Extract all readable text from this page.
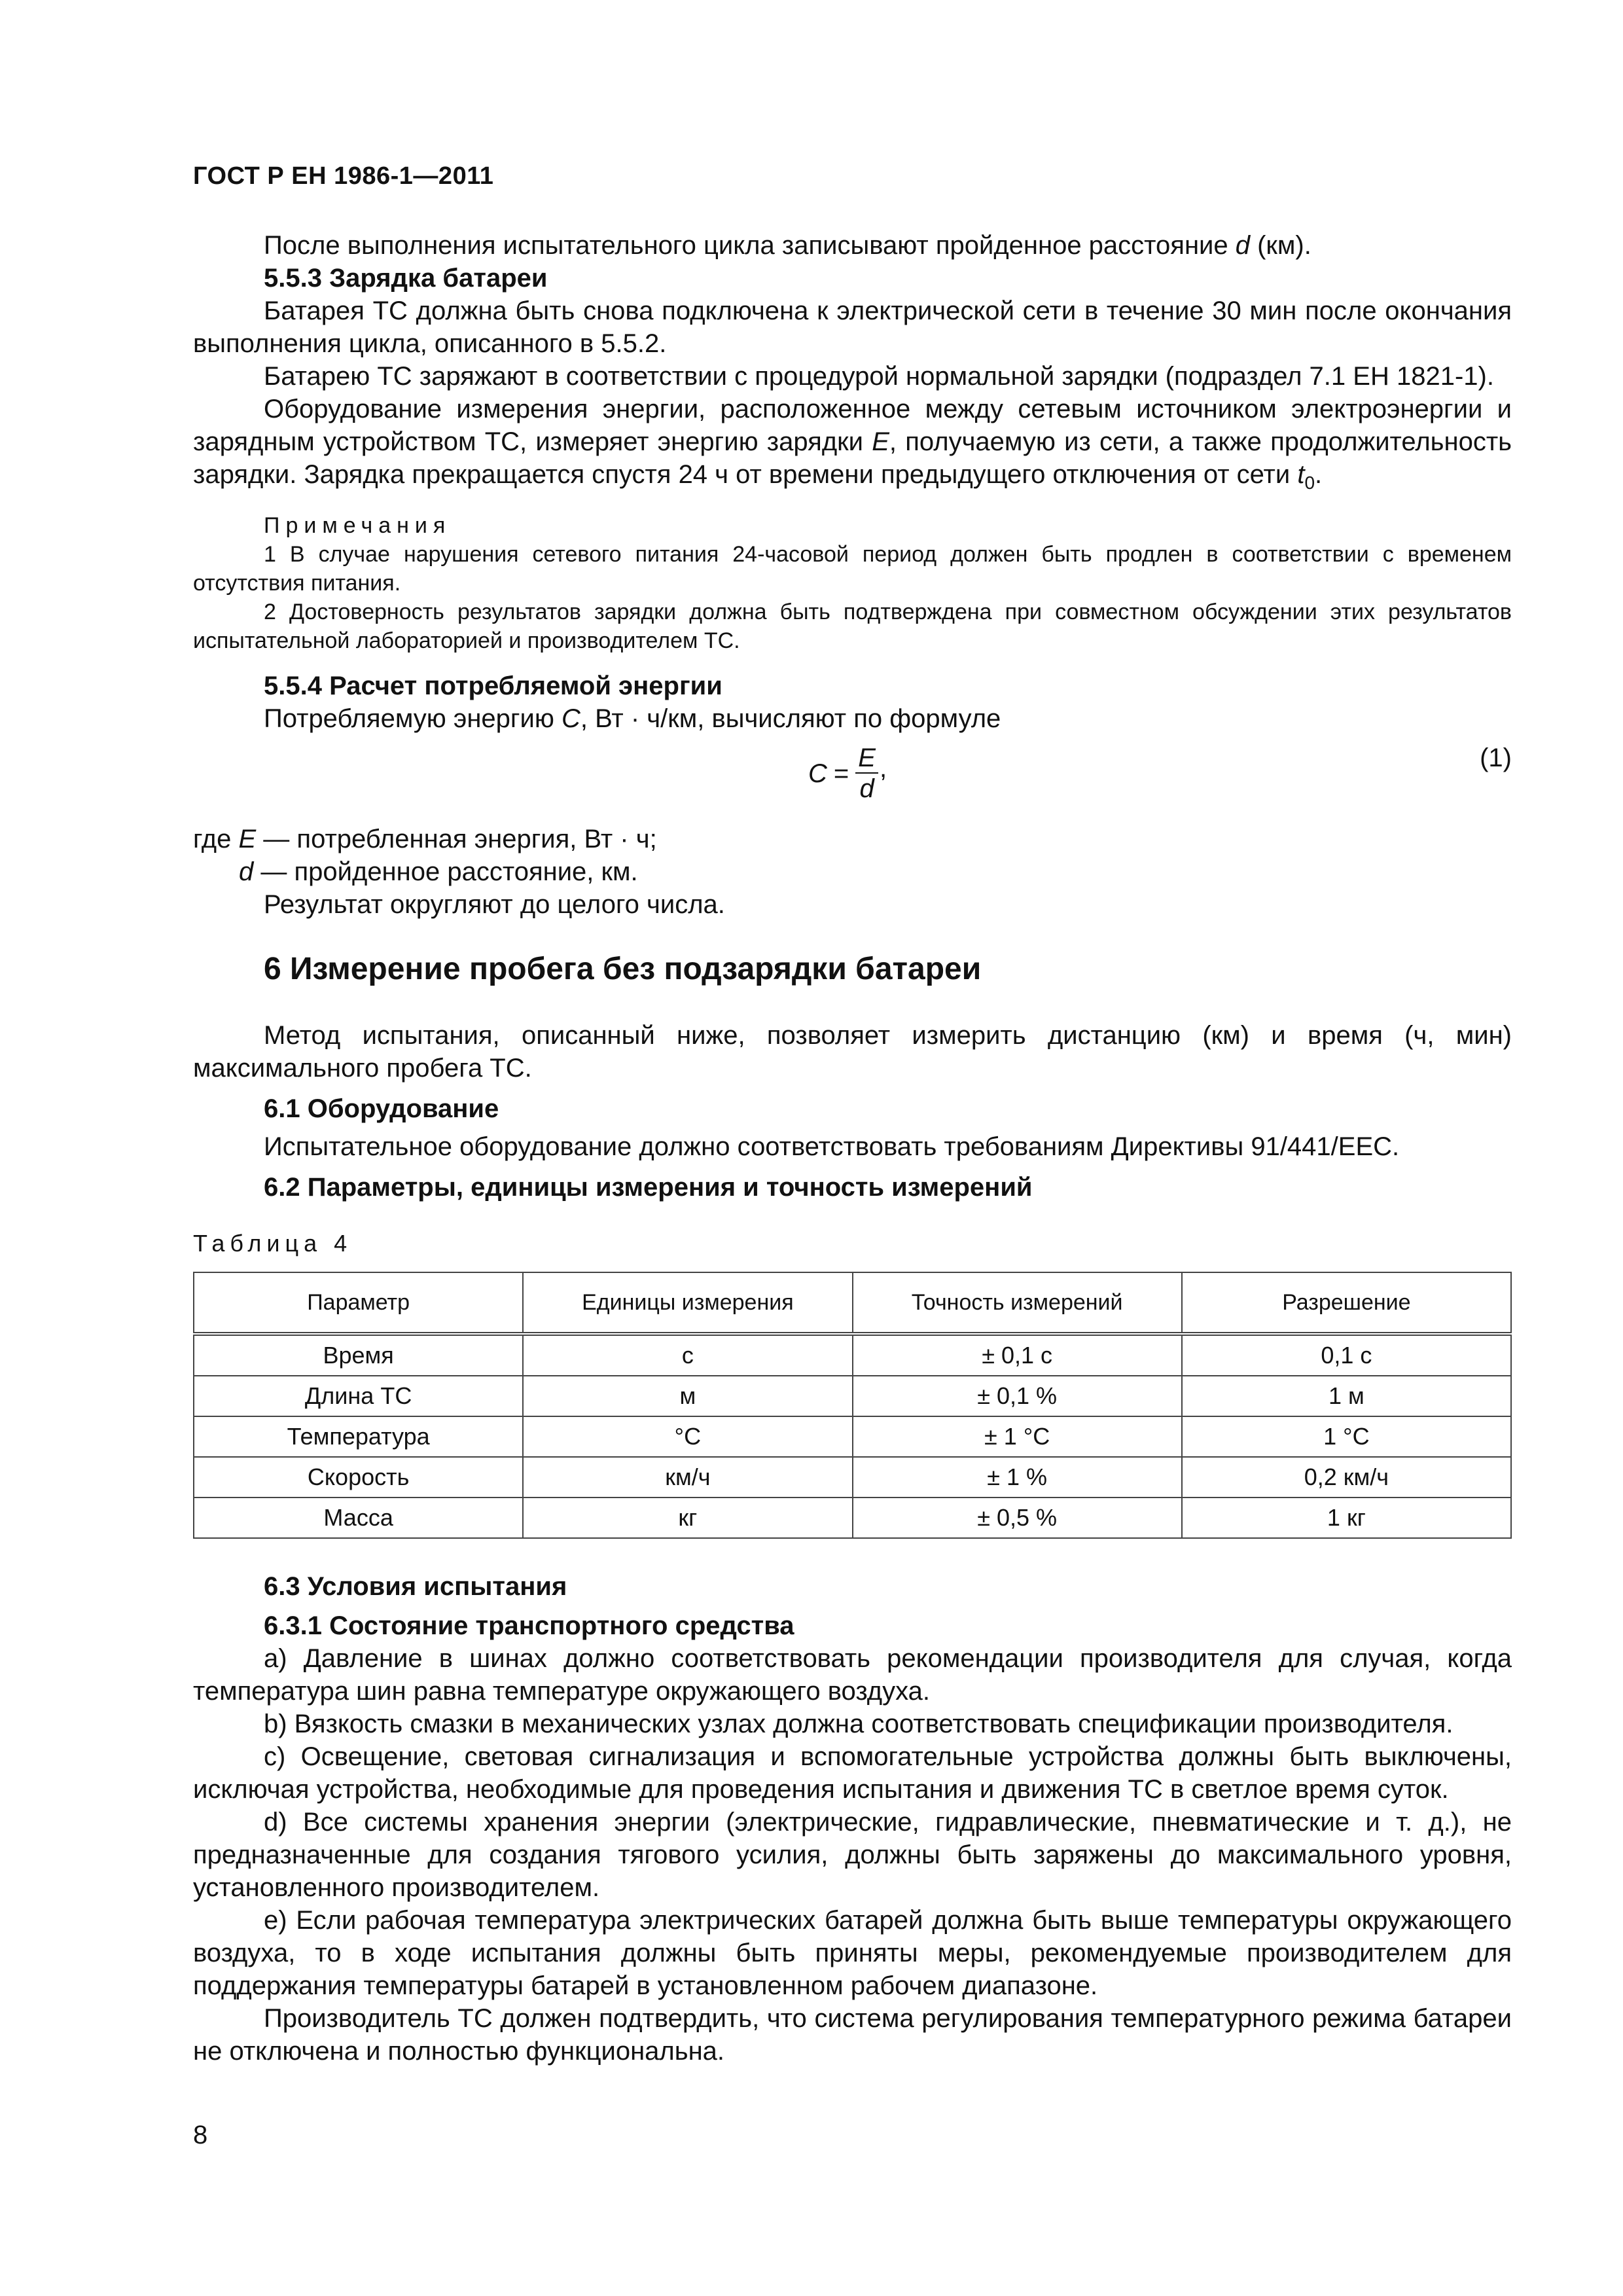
ГОСТ Р ЕН 1986-1—2011

После выполнения испытательного цикла записывают пройденное расстояние d (км).

5.5.3 Зарядка батареи

Батарея ТС должна быть снова подключена к электрической сети в течение 30 мин после окончания выполнения цикла, описанного в 5.5.2.

Батарею ТС заряжают в соответствии с процедурой нормальной зарядки (подраздел 7.1 ЕН 1821-1).

Оборудование измерения энергии, расположенное между сетевым источником электроэнергии и зарядным устройством ТС, измеряет энергию зарядки E, получаемую из сети, а также продолжительность зарядки. Зарядка прекращается спустя 24 ч от времени предыдущего отключения от сети $t_0$.

Примечания

1 В случае нарушения сетевого питания 24-часовой период должен быть продлен в соответствии с временем отсутствия питания.

2 Достоверность результатов зарядки должна быть подтверждена при совместном обсуждении этих результатов испытательной лабораторией и производителем ТС.

5.5.4 Расчет потребляемой энергии

Потребляемую энергию C, Вт · ч/км, вычисляют по формуле

$C = \frac{E}{d}$ ,	(1)

где E — потребленная энергия, Вт · ч;

d — пройденное расстояние, км.

Результат округляют до целого числа.

6 Измерение пробега без подзарядки батареи

Метод испытания, описанный ниже, позволяет измерить дистанцию (км) и время (ч, мин) максимального пробега ТС.

6.1 Оборудование

Испытательное оборудование должно соответствовать требованиям Директивы 91/441/ЕЕС.

6.2 Параметры, единицы измерения и точность измерений

Таблица 4

Параметр	Единицы измерения	Точность измерений	Разрешение
Время	с	± 0,1 с	0,1 с
Длина ТС	м	± 0,1 %	1 м
Температура	°С	± 1 °С	1 °С
Скорость	км/ч	± 1 %	0,2 км/ч
Масса	кг	± 0,5 %	1 кг

6.3 Условия испытания

6.3.1 Состояние транспортного средства

а) Давление в шинах должно соответствовать рекомендации производителя для случая, когда температура шин равна температуре окружающего воздуха.

b) Вязкость смазки в механических узлах должна соответствовать спецификации производителя.

c) Освещение, световая сигнализация и вспомогательные устройства должны быть выключены, исключая устройства, необходимые для проведения испытания и движения ТС в светлое время суток.

d) Все системы хранения энергии (электрические, гидравлические, пневматические и т. д.), не предназначенные для создания тягового усилия, должны быть заряжены до максимального уровня, установленного производителем.

e) Если рабочая температура электрических батарей должна быть выше температуры окружающего воздуха, то в ходе испытания должны быть приняты меры, рекомендуемые производителем для поддержания температуры батарей в установленном рабочем диапазоне.

Производитель ТС должен подтвердить, что система регулирования температурного режима батареи не отключена и полностью функциональна.

8
